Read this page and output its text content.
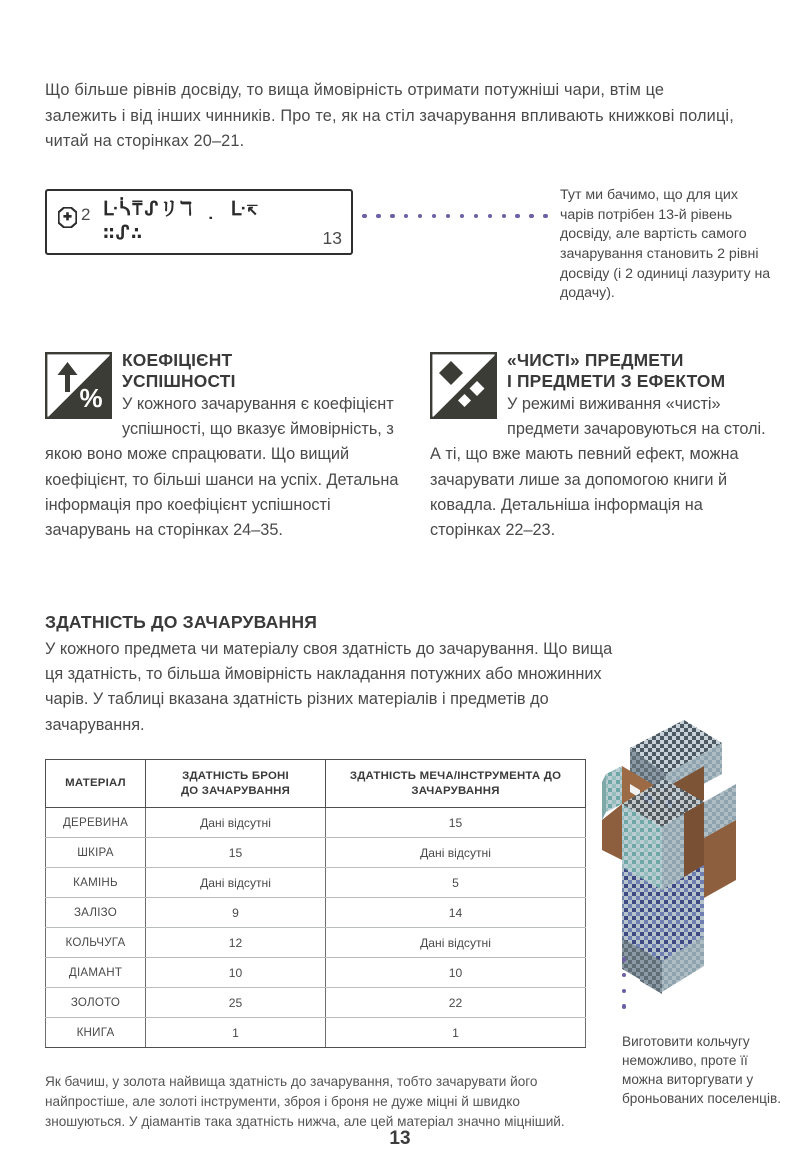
Що більше рівнів досвіду, то вища ймовірність отримати потужніші чари, втім це залежить і від інших чинників. Про те, як на стіл зачарування впливають книжкові полиці, читай на сторінках 20–21.

2 ᒷᓵ⍑ᔑリℸ ̣ ᒷ↸
∷ᔑ∴	13

Тут ми бачимо, що для цих чарів потрібен 13-й рівень досвіду, але вартість самого зачарування становить 2 рівні досвіду (і 2 одиниці лазуриту на додачу).

%
КОЕФІЦІЄНТ
УСПІШНОСТІ
У кожного зачарування є коефіцієнт успішності, що вказує ймовірність, з якою воно може спрацювати. Що вищий коефіцієнт, то більші шанси на успіх. Детальна інформація про коефіцієнт успішності зачарувань на сторінках 24–35.
«ЧИСТІ» ПРЕДМЕТИ
І ПРЕДМЕТИ З ЕФЕКТОМ
У режимі виживання «чисті» предмети зачаровуються на столі. А ті, що вже мають певний ефект, можна зачарувати лише за допомогою книги й ковадла. Детальніша інформація на сторінках 22–23.
ЗДАТНІСТЬ ДО ЗАЧАРУВАННЯ
У кожного предмета чи матеріалу своя здатність до зачарування. Що вища ця здатність, то більша ймовірність накладання потужних або множинних чарів. У таблиці вказана здатність різних матеріалів і предметів до зачарування.
МАТЕРІАЛ

ЗДАТНІСТЬ БРОНІ
ДО ЗАЧАРУВАННЯ

ЗДАТНІСТЬ МЕЧА/ІНСТРУМЕНТА ДО
ЗАЧАРУВАННЯ

ДЕРЕВИНА	Дані відсутні	15
ШКІРА	15	Дані відсутні
КАМІНЬ	Дані відсутні	5
ЗАЛІЗО	9	14
КОЛЬЧУГА	12	Дані відсутні
ДІАМАНТ	10	10
ЗОЛОТО	25	22
КНИГА	1	1

Як бачиш, у золота найвища здатність до зачарування, тобто зачарувати його найпростіше, але золоті інструменти, зброя і броня не дуже міцні й швидко зношуються. У діамантів така здатність нижча, але цей матеріал значно міцніший.

Виготовити кольчугу неможливо, проте її можна виторгувати у броньованих поселенців.

13
